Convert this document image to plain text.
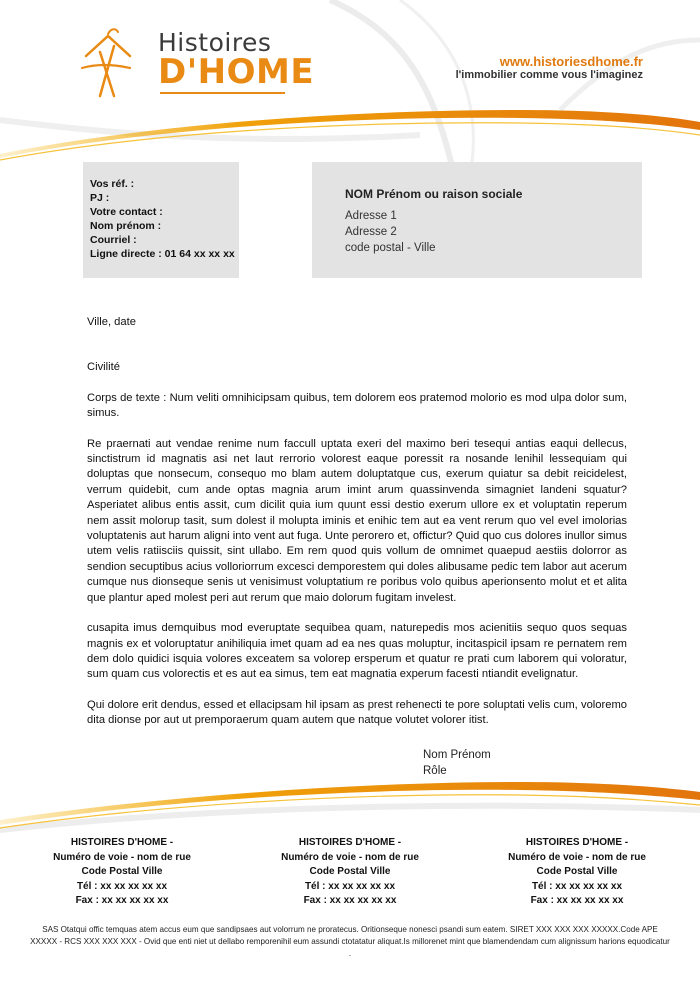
Histoires
D'HOME	www.historiesdhome.fr
l'immobilier comme vous l'imaginez
Vos réf. :
PJ :
Votre contact :
Nom prénom :
Courriel :
Ligne directe : 01 64 xx xx xx
NOM Prénom ou raison sociale
Adresse 1
Adresse 2
code postal - Ville

Ville, date

Civilité

Corps de texte : Num veliti omnihicipsam quibus, tem dolorem eos pratemod molorio es mod ulpa dolor sum, simus.

Re praernati aut vendae renime num faccull uptata exeri del maximo beri tesequi antias eaqui dellecus, sinctistrum id magnatis asi net laut rerrorio volorest eaque poressit ra nosande lenihil lessequiam qui doluptas que nonsecum, consequo mo blam autem doluptatque cus, exerum quiatur sa debit reicidelest, verrum quidebit, cum ande optas magnia arum imint arum quassinvenda simagniet landeni squatur? Asperiatet alibus entis assit, cum dicilit quia ium quunt essi destio exerum ullore ex et voluptatin reperum nem assit molorup tasit, sum dolest il molupta iminis et enihic tem aut ea vent rerum quo vel evel imolorias voluptatenis aut harum aligni into vent aut fuga. Unte perorero et, offictur? Quid quo cus dolores inullor simus utem velis ratiisciis quissit, sint ullabo. Em rem quod quis vollum de omnimet quaepud aestiis dolorror as sendion secuptibus acius volloriorrum excesci demporestem qui doles alibusame pedic tem labor aut acerum cumque nus dionseque senis ut venisimust voluptatium re poribus volo quibus aperionsento molut et et alita que plantur aped molest peri aut rerum que maio dolorum fugitam invelest.

cusapita imus demquibus mod everuptate sequibea quam, naturepedis mos acienitiis sequo quos sequas magnis ex et voloruptatur anihiliquia imet quam ad ea nes quas moluptur, incitaspicil ipsam re pernatem rem dem dolo quidici isquia volores exceatem sa volorep ersperum et quatur re prati cum laborem qui voloratur, sum quam cus volorectis et es aut ea simus, tem eat magnatia experum facesti ntiandit evelignatur.

Qui dolore erit dendus, essed et ellacipsam hil ipsam as prest rehenecti te pore soluptati velis cum, voloremo dita dionse por aut ut premporaerum quam autem que natque volutet volorer itist.

Nom Prénom
Rôle
HISTOIRES D'HOME -
Numéro de voie - nom de rue
Code Postal Ville
Tél : xx xx xx xx xx
Fax : xx xx xx xx xx
HISTOIRES D'HOME -
Numéro de voie - nom de rue
Code Postal Ville
Tél : xx xx xx xx xx
Fax : xx xx xx xx xx
HISTOIRES D'HOME -
Numéro de voie - nom de rue
Code Postal Ville
Tél : xx xx xx xx xx
Fax : xx xx xx xx xx
SAS Otatqui offic temquas atem accus eum que sandipsaes aut volorrum ne proratecus. Oritionseque nonesci psandi sum eatem. SIRET XXX XXX XXX XXXXX.Code APE XXXXX - RCS XXX XXX XXX - Ovid que enti niet ut dellabo remporenihil eum assundi ctotatatur aliquat.Is millorenet mint que blamendendam cum alignissum harions equodicatur .
